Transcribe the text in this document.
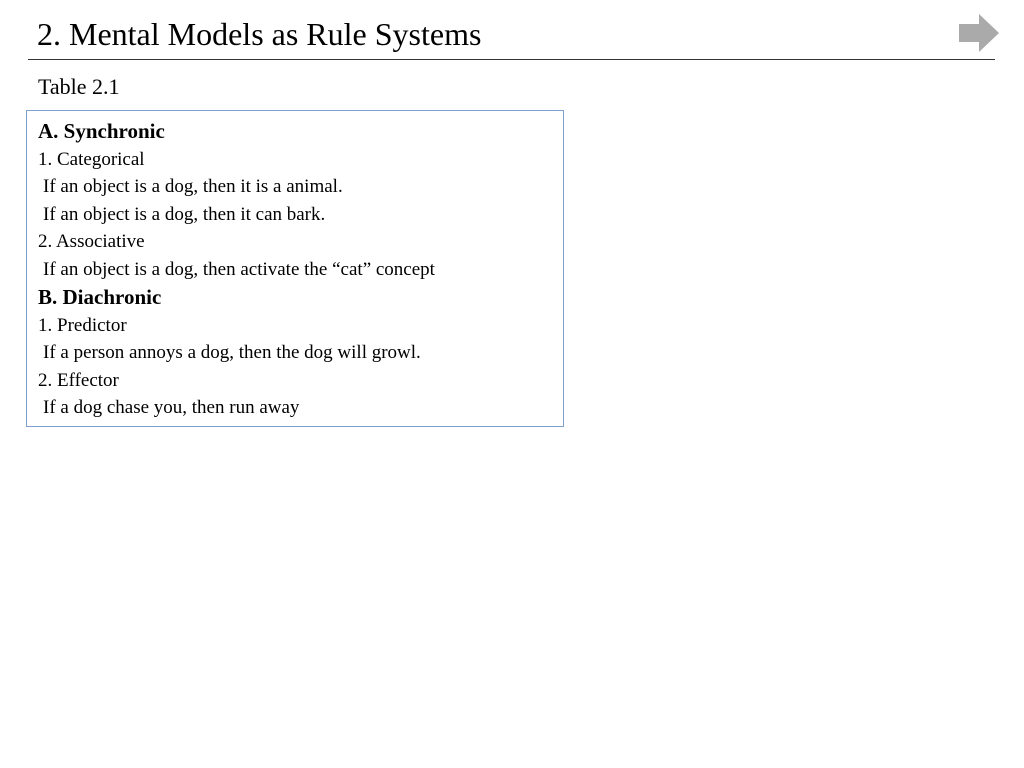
2. Mental Models as Rule Systems
Table 2.1
A. Synchronic
1. Categorical
If an object is a dog, then it is a animal.
If an object is a dog, then it can bark.
2. Associative
If an object is a dog, then activate the “cat” concept
B. Diachronic
1. Predictor
If a person annoys a dog, then the dog will growl.
2. Effector
If a dog chase you, then run away
